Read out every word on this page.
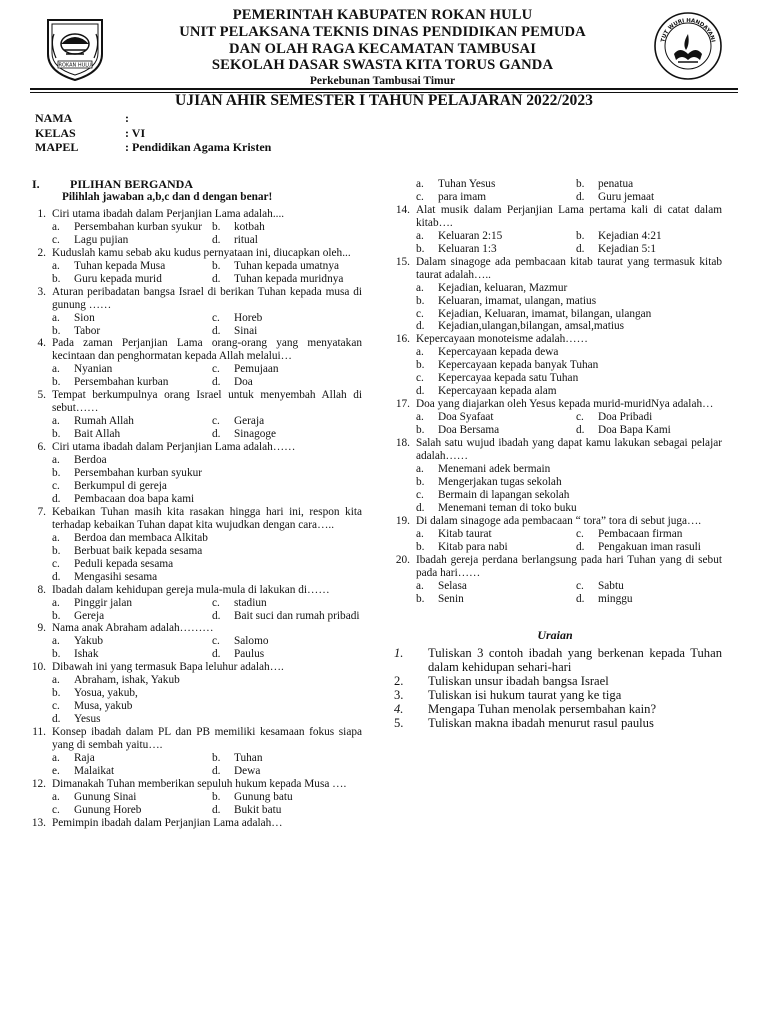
ROKAN HULU
PEMERINTAH KABUPATEN ROKAN HULU
UNIT PELAKSANA TEKNIS DINAS PENDIDIKAN PEMUDA
DAN OLAH RAGA KECAMATAN TAMBUSAI
SEKOLAH DASAR SWASTA KITA TORUS GANDA
Perkebunan Tambusai Timur
TUT WURI HANDAYANI
UJIAN AHIR SEMESTER I TAHUN PELAJARAN 2022/2023
NAMA	:
KELAS	: VI
MAPEL	: Pendidikan Agama Kristen
I.	PILIHAN BERGANDA
Pilihlah jawaban a,b,c dan d dengan benar!
1. Ciri utama ibadah dalam Perjanjian Lama adalah....
a.	Persembahan kurban syukur b.	kotbah
c.	Lagu pujian	d.	ritual
2. Kuduslah kamu sebab aku kudus pernyataan ini, diucapkan oleh...
a.	Tuhan kepada Musa	b.	Tuhan kepada umatnya
b.	Guru kepada murid	d.	Tuhan kepada muridnya
3. Aturan peribadatan bangsa Israel di berikan Tuhan kepada musa di gunung ……
a.	Sion	c.	Horeb
b.	Tabor	d.	Sinai
4. Pada zaman Perjanjian Lama orang-orang yang menyatakan kecintaan dan penghormatan kepada Allah melalui…
a.	Nyanian	c.	Pemujaan
b.	Persembahan kurban	d.	Doa
5. Tempat berkumpulnya orang Israel untuk menyembah Allah di sebut……
a.	Rumah Allah	c.	Geraja
b.	Bait Allah	d.	Sinagoge
6. Ciri utama ibadah dalam Perjanjian Lama adalah……
a.	Berdoa
b.	Persembahan kurban syukur
c.	Berkumpul di gereja
d.	Pembacaan doa bapa kami
7. Kebaikan Tuhan masih kita rasakan hingga hari ini, respon kita terhadap kebaikan Tuhan dapat kita wujudkan dengan cara…..
a.	Berdoa dan membaca Alkitab
b.	Berbuat baik kepada sesama
c.	Peduli kepada sesama
d.	Mengasihi sesama
8. Ibadah dalam kehidupan gereja mula-mula di lakukan di……
a.	Pinggir jalan	c.	stadiun
b.	Gereja	d.	Bait suci dan rumah pribadi
9. Nama anak Abraham adalah………
a.	Yakub	c.	Salomo
b.	Ishak	d.	Paulus
10. Dibawah ini yang termasuk Bapa leluhur adalah….
a.	Abraham, ishak, Yakub
b.	Yosua, yakub,
c.	Musa, yakub
d.	Yesus
11. Konsep ibadah dalam PL dan PB memiliki kesamaan fokus siapa yang di sembah yaitu….
a.	Raja	b.	Tuhan
e.	Malaikat	d.	Dewa
12. Dimanakah Tuhan memberikan sepuluh hukum kepada Musa ….
a.	Gunung Sinai	b.	Gunung batu
c.	Gunung Horeb	d.	Bukit batu
13. Pemimpin ibadah dalam Perjanjian Lama adalah…
a.	Tuhan Yesus	b.	penatua
c.	para imam	d.	Guru jemaat
14. Alat musik dalam Perjanjian Lama pertama kali di catat dalam kitab….
a.	Keluaran 2:15	b.	Kejadian 4:21
b.	Keluaran 1:3	d.	Kejadian 5:1
15. Dalam sinagoge ada pembacaan kitab taurat yang termasuk kitab taurat adalah…..
a.	Kejadian, keluaran, Mazmur
b.	Keluaran, imamat, ulangan, matius
c.	Kejadian, Keluaran, imamat, bilangan, ulangan
d.	Kejadian,ulangan,bilangan, amsal,matius
16. Kepercayaan monoteisme adalah……
a.	Kepercayaan kepada dewa
b.	Kepercayaan kepada banyak Tuhan
c.	Kepercayaa kepada satu Tuhan
d.	Kepercayaan kepada alam
17. Doa yang diajarkan oleh Yesus kepada murid-muridNya adalah…
a.	Doa Syafaat	c.	Doa Pribadi
b.	Doa Bersama	d.	Doa Bapa Kami
18. Salah satu wujud ibadah yang dapat kamu lakukan sebagai pelajar adalah……
a.	Menemani adek bermain
b.	Mengerjakan tugas sekolah
c.	Bermain di lapangan sekolah
d.	Menemani teman di toko buku
19. Di dalam sinagoge ada pembacaan “ tora” tora di sebut juga….
a.	Kitab taurat	c.	Pembacaan firman
b.	Kitab para nabi	d.	Pengakuan iman rasuli
20. Ibadah gereja perdana berlangsung pada hari Tuhan yang di sebut pada hari……
a.	Selasa	c.	Sabtu
b.	Senin	d.	minggu
Uraian
1.	Tuliskan 3 contoh ibadah yang berkenan kepada Tuhan dalam kehidupan sehari-hari
2.	Tuliskan unsur ibadah bangsa Israel
3.	Tuliskan isi hukum taurat yang ke tiga
4.	Mengapa Tuhan menolak persembahan kain?
5.	Tuliskan makna ibadah menurut rasul paulus
